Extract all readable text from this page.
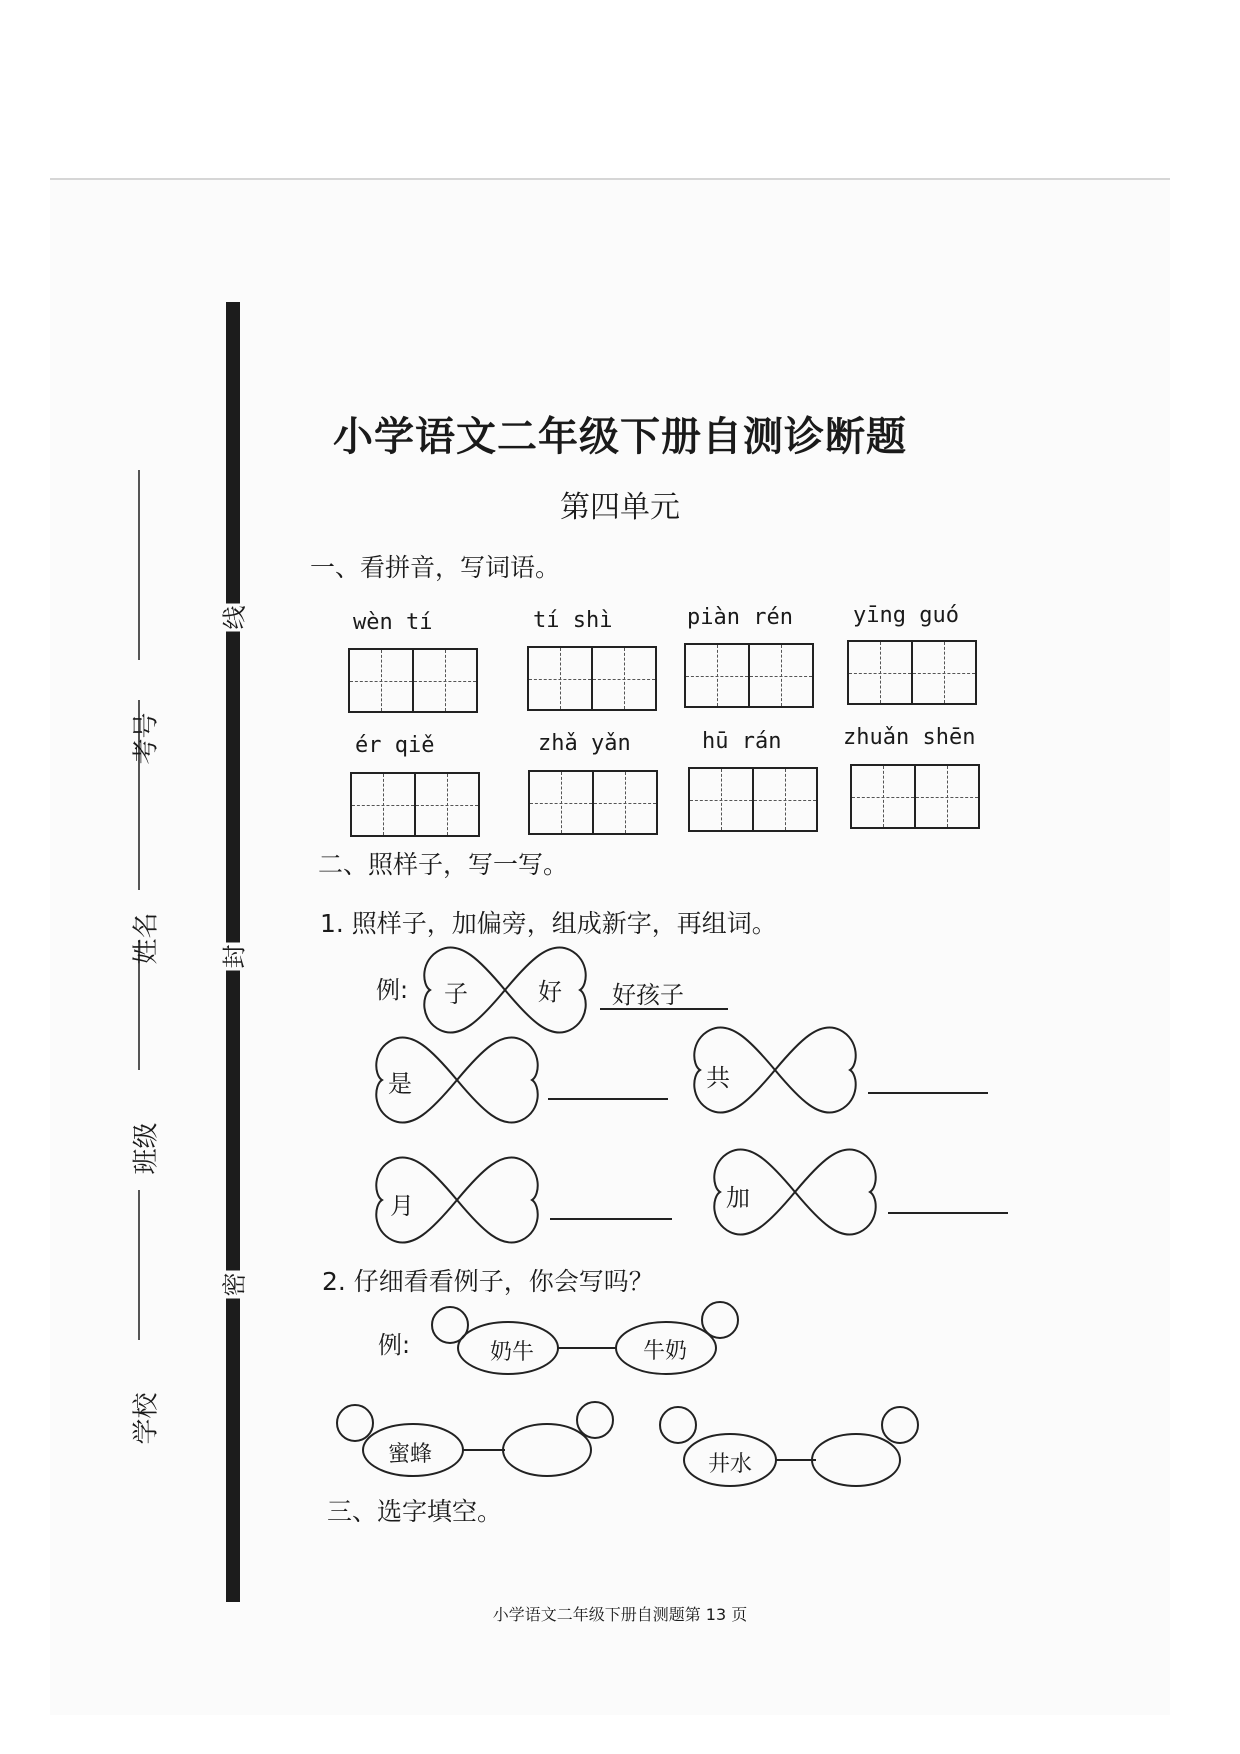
考号
姓名
班级
学校
线
封
密
小学语文二年级下册自测诊断题
第四单元
一、看拼音，写词语。
wèn tí	tí shì	piàn rén	yīng guó
ér qiě	zhǎ yǎn	hū rán	zhuǎn shēn
二、照样子，写一写。
1. 照样子，加偏旁，组成新字，再组词。
例: 子	好 好孩子
是	共
月	加
2. 仔细看看例子，你会写吗？
例:	奶牛	牛奶
蜜蜂	井水
三、选字填空。
小学语文二年级下册自测题第 13 页
